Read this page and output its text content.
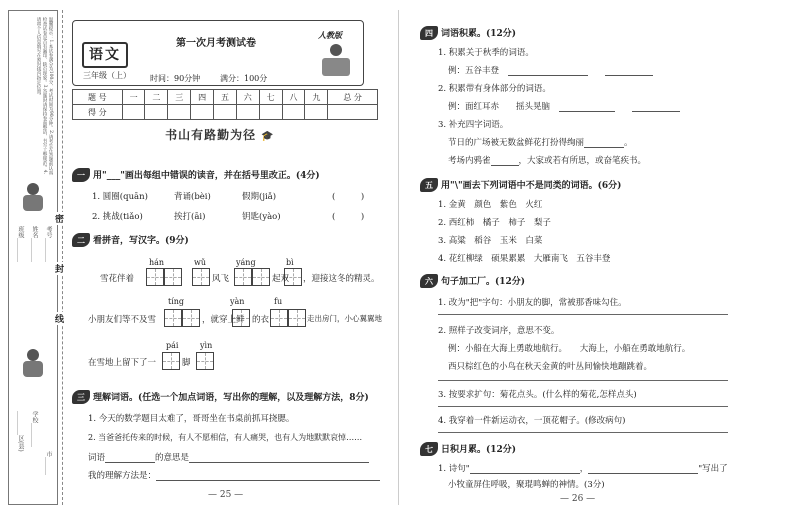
温馨提示：1.本试卷满分为100分，考试时间为90分钟。2.请考生在答题前认真检查试卷是否有漏印、缺页现象。3.答题时请保持卷面整洁，书写工整规范。4.请将个人信息填写在密封线内指定位置。
班级________
姓名________
考号________
________区(县)
学校________
市______
密
封
线
语文
三年级（上）
第一次月考测试卷
时间：90分钟 满分：100分
人教版
题 号	一	二	三	四	五	六	七	八	九	总 分
得 分										
书山有路勤为径 🎓
一 用"___"画出每组中错误的读音，并在括号里改正。(4分)
1. 圆圈(quān)	背诵(bèi)	假期(jiǎ)	(　　　)
2. 挑战(tiǎo)	挨打(āi)	钥匙(yào)	(　　　)
二 看拼音，写汉字。(9分)
hán	wǔ	yáng	bì
雪花伴着	风飞	起双 ，迎接这冬的精灵。
tíng	yàn	fu
小朋友们等不及雪	，就穿上鲜 的衣	走出房门，小心翼翼地
pái	yìn
在雪地上留下了一	脚
三 理解词语。(任选一个加点词语，写出你的理解，以及理解方法，8分)
1. 今天的数学题目太难了，哥哥坐在书桌前抓耳挠腮。
2. 当爸爸托传来的时候，有人不愿相信，有人痛哭，也有人为地默默哀悼……
词语	的意思是
我的理解方法是：
— 25 —
四 词语积累。(12分)
1. 积累关于秋季的词语。
例：五谷丰登　　　
2. 积累带有身体部分的词语。
例：面红耳赤　　 摇头晃脑　　　
3. 补充四字词语。
节日的广场被无数盆鲜花打扮得绚丽	。
考场内鸦雀	，大家或若有所思，或奋笔疾书。
五 用"\"画去下列词语中不是同类的词语。(6分)
1. 金黄　颜色　紫色　火红
2. 西红柿　橘子　柿子　梨子
3. 高粱　稻谷　玉米　白菜
4. 花红柳绿　硕果累累　大雁南飞　五谷丰登
六 句子加工厂。(12分)
1. 改为"把"字句：小朋友的脚，常被那香味勾住。
2. 照样子改变词序，意思不变。
例：小船在大海上勇敢地航行。　　 大海上，小船在勇敢地航行。
西只棕红色的小鸟在秋天金黄的叶丛间愉快地蹦跳着。
3. 按要求扩句：菊花点头。(什么样的菊花,怎样点头)
4. 我穿着一件新运动衣，一顶花帽子。(修改病句)
七 日积月累。(12分)
1. 诗句"	，	"写出了
小牧童屏住呼吸，聚琨鸣蝉的神情。(3分)
— 26 —
